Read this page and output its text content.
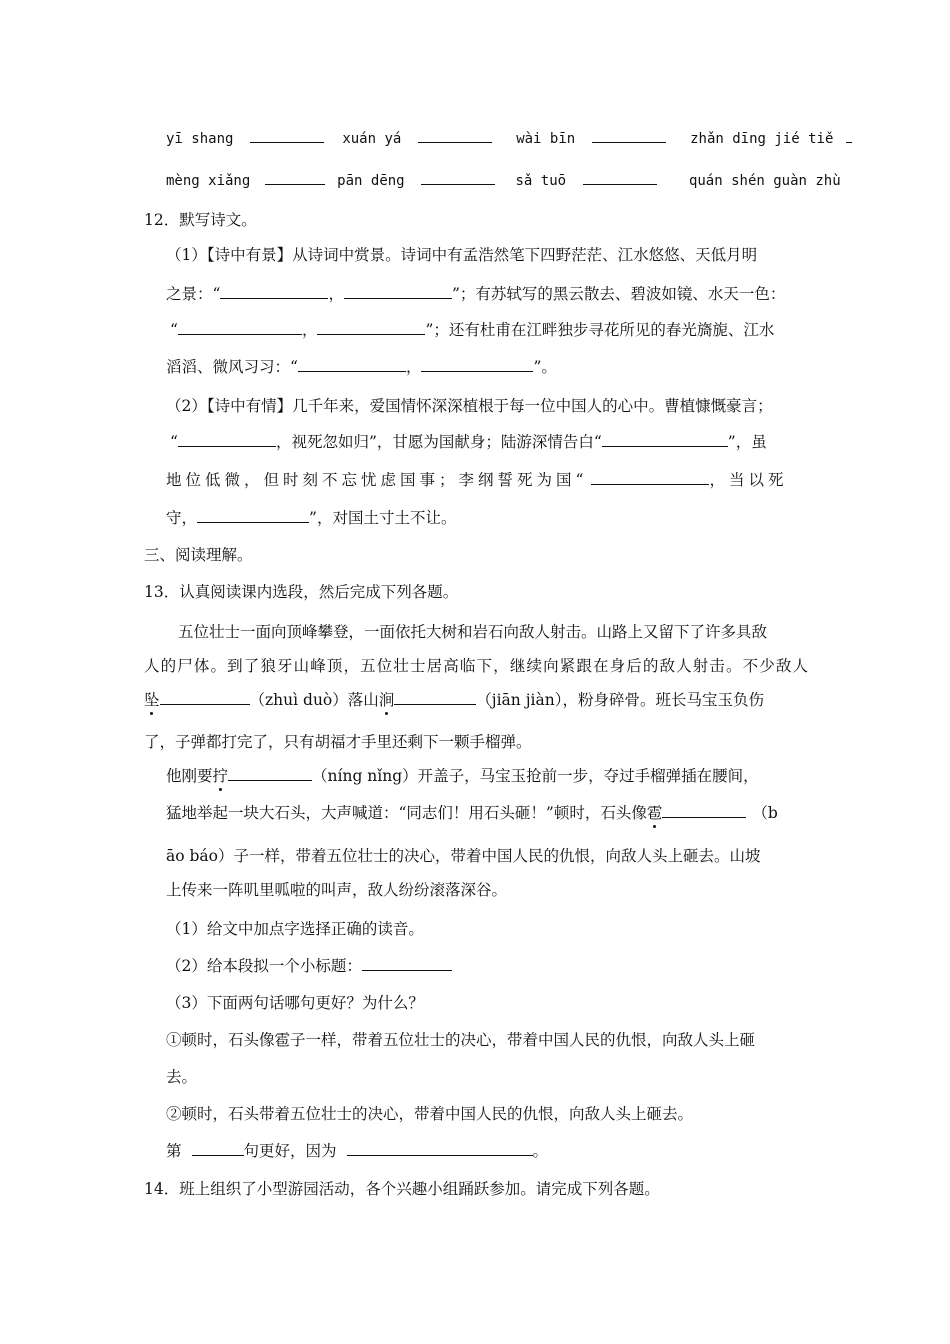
yī shang	xuán yá	wài bīn	zhǎn dīng jié tiě
mèng xiǎng	pān dēng	sǎ tuō	quán shén guàn zhù
12．默写诗文。
（1）【诗中有景】从诗词中赏景。诗词中有孟浩然笔下四野茫茫、江水悠悠、天低月明
之景：“	，	”；有苏轼写的黑云散去、碧波如镜、水天一色：
“	，	”；还有杜甫在江畔独步寻花所见的春光旖旎、江水
滔滔、微风习习：“	，	”。
（2）【诗中有情】几千年来，爱国情怀深深植根于每一位中国人的心中。曹植慷慨豪言；
“	，视死忽如归”，甘愿为国献身；陆游深情告白“	”，虽
地位低微，但时刻不忘忧虑国事；李纲誓死为国“	，当以死
守，	”，对国土寸土不让。
三、阅读理解。
13．认真阅读课内选段，然后完成下列各题。
五位壮士一面向顶峰攀登，一面依托大树和岩石向敌人射击。山路上又留下了许多具敌
人的尸体。到了狼牙山峰顶，五位壮士居高临下，继续向紧跟在身后的敌人射击。不少敌人
坠	（zhuì duò）落山涧	（jiān jiàn），粉身碎骨。班长马宝玉负伤
了，子弹都打完了，只有胡福才手里还剩下一颗手榴弹。
他刚要拧	（níng nǐng）开盖子，马宝玉抢前一步，夺过手榴弹插在腰间，
猛地举起一块大石头，大声喊道：“同志们！用石头砸！”顿时，石头像雹	（b
āo báo）子一样，带着五位壮士的决心，带着中国人民的仇恨，向敌人头上砸去。山坡
上传来一阵叽里呱啦的叫声，敌人纷纷滚落深谷。
（1）给文中加点字选择正确的读音。
（2）给本段拟一个小标题：
（3）下面两句话哪句更好？为什么？
①顿时，石头像雹子一样，带着五位壮士的决心，带着中国人民的仇恨，向敌人头上砸
去。
②顿时，石头带着五位壮士的决心，带着中国人民的仇恨，向敌人头上砸去。
第	句更好，因为	。
14．班上组织了小型游园活动，各个兴趣小组踊跃参加。请完成下列各题。
